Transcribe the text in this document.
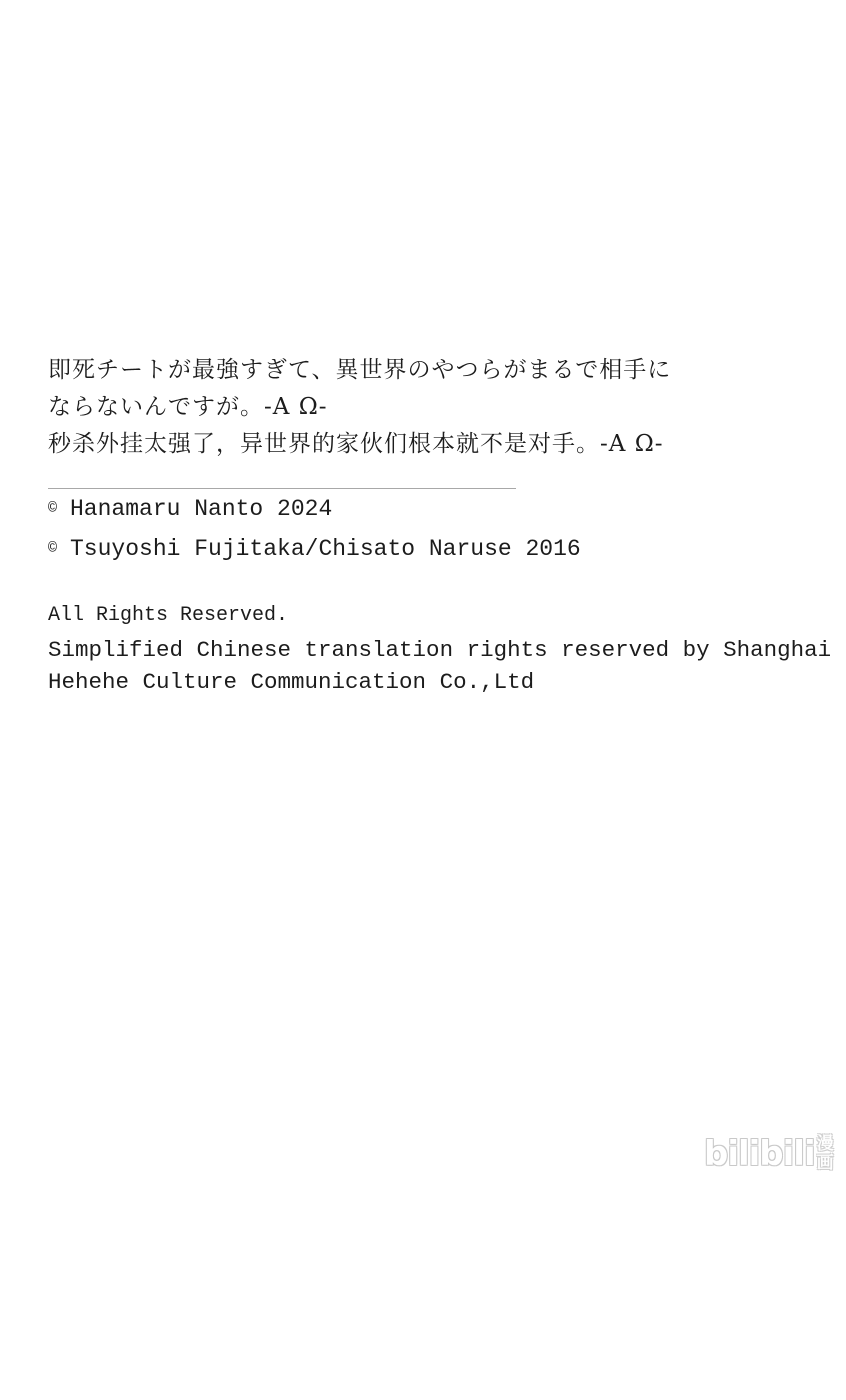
即死チートが最強すぎて、異世界のやつらがまるで相手に
ならないんですが。-Α Ω-
秒杀外挂太强了，异世界的家伙们根本就不是对手。-Α Ω-
© Hanamaru Nanto 2024
© Tsuyoshi Fujitaka/Chisato Naruse 2016
All Rights Reserved.
Simplified Chinese translation rights reserved by Shanghai
Hehehe Culture Communication Co.,Ltd
bilibili 漫
画
